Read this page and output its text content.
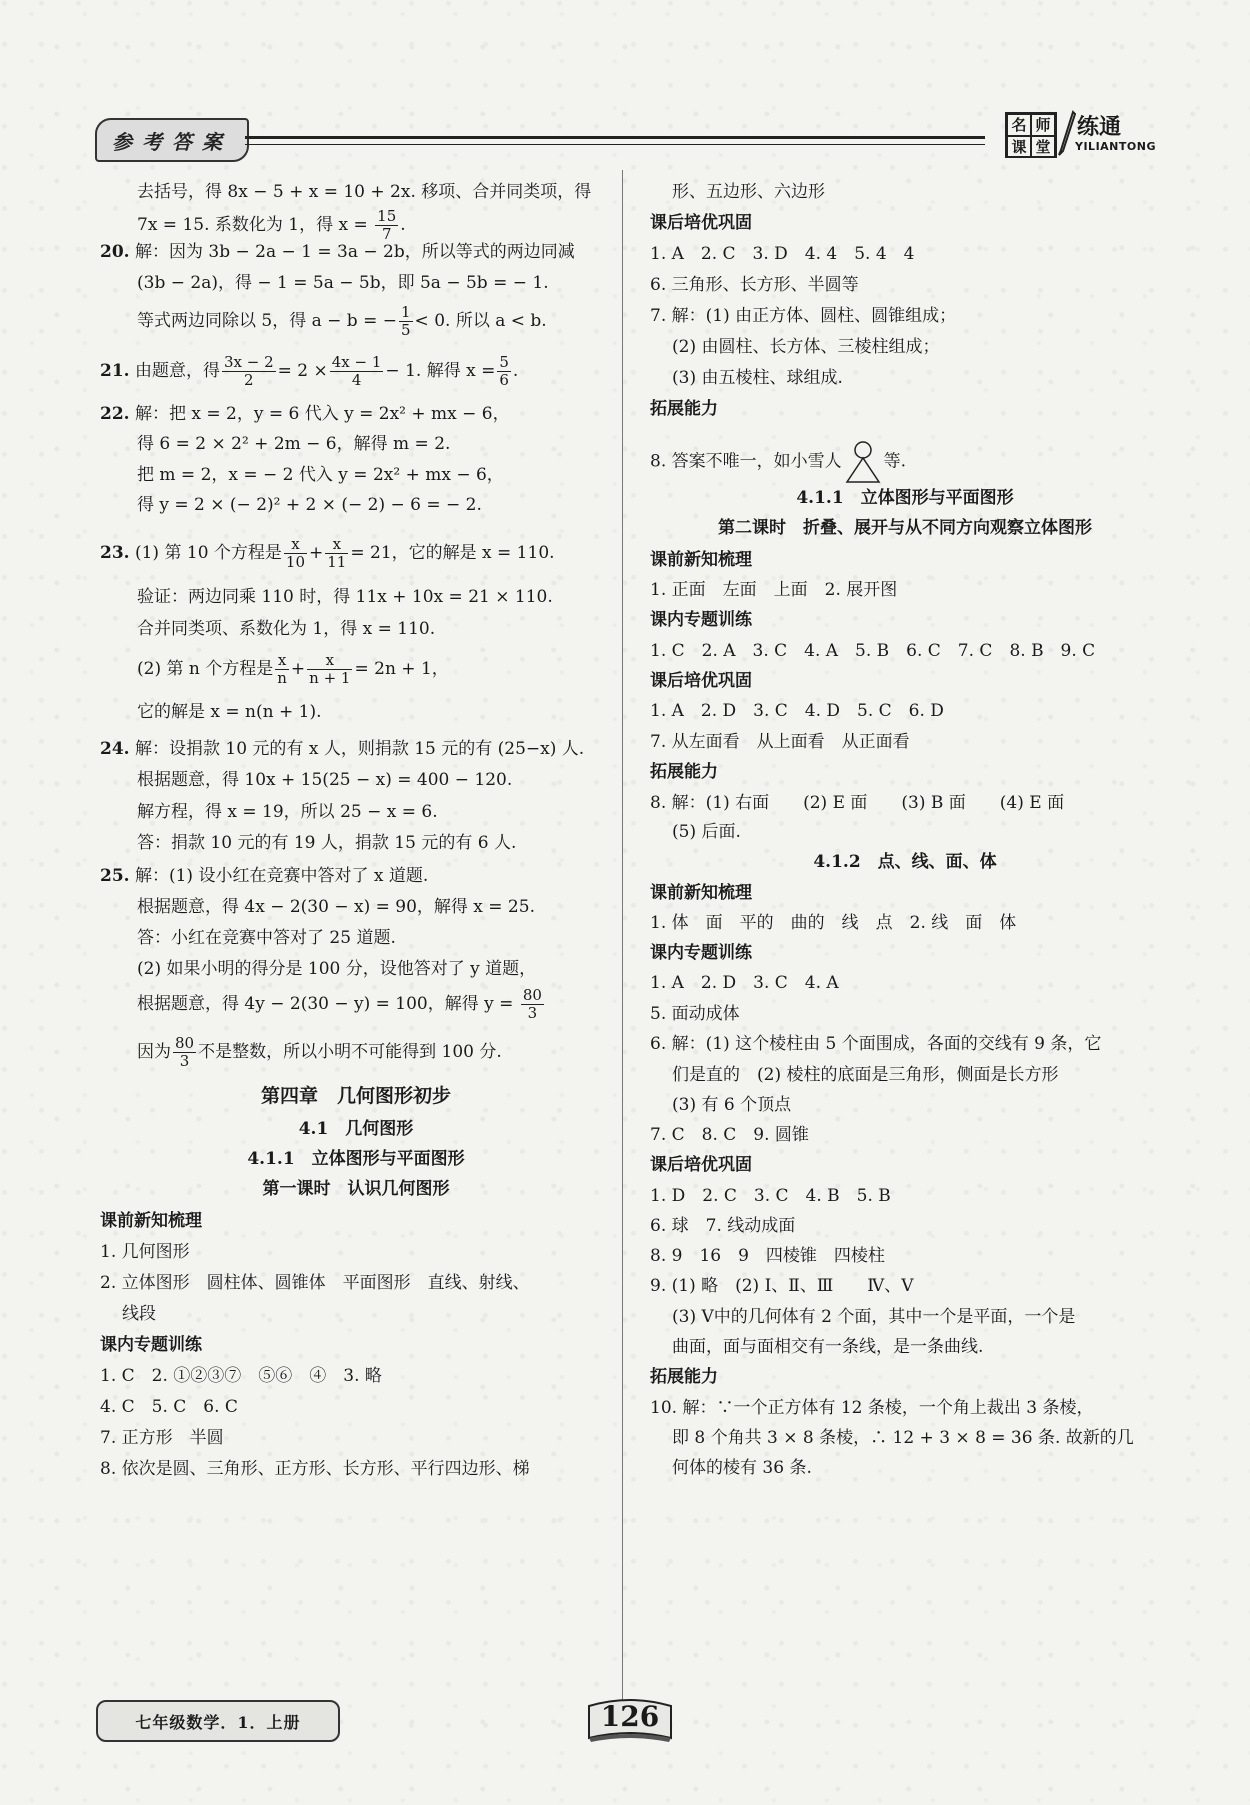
参考答案
名 师
课 堂
练通
YILIANTONG
去括号，得 8x − 5 + x = 10 + 2x. 移项、合并同类项，得
7x = 15. 系数化为 1，得 $x = \frac{15}{7}$ .
20. 解：因为 3b − 2a − 1 = 3a − 2b，所以等式的两边同减
(3b − 2a)，得 − 1 = 5a − 5b，即 5a − 5b = − 1.
等式两边同除以 5，得 a − b = − $\frac{1}{5} < 0$. 所以 a < b.
21. 由题意，得 $\frac{3x - 2}{2} = 2 \times \frac{4x - 1}{4} - 1$. 解得 $x = \frac{5}{6}$ .
22. 解：把 x = 2，y = 6 代入 y = 2x² + mx − 6，
得 6 = 2 × 2² + 2m − 6，解得 m = 2.
把 m = 2，x = − 2 代入 y = 2x² + mx − 6，
得 y = 2 × (− 2)² + 2 × (− 2) − 6 = − 2.
23. (1) 第 10 个方程是 $\frac{x}{10} + \frac{x}{11} = 21$，它的解是 x = 110.
验证：两边同乘 110 时，得 11x + 10x = 21 × 110.
合并同类项、系数化为 1，得 x = 110.
(2) 第 n 个方程是 $\frac{x}{n} + \frac{x}{n + 1} = 2n + 1$，
它的解是 x = n(n + 1).
24. 解：设捐款 10 元的有 x 人，则捐款 15 元的有 (25−x) 人.
根据题意，得 10x + 15(25 − x) = 400 − 120.
解方程，得 x = 19，所以 25 − x = 6.
答：捐款 10 元的有 19 人，捐款 15 元的有 6 人.
25. 解：(1) 设小红在竞赛中答对了 x 道题.
根据题意，得 4x − 2(30 − x) = 90，解得 x = 25.
答：小红在竞赛中答对了 25 道题.
(2) 如果小明的得分是 100 分，设他答对了 y 道题，
根据题意，得 4y − 2(30 − y) = 100，解得 $y = \frac{80}{3}$
因为 $\frac{80}{3}$ 不是整数，所以小明不可能得到 100 分.
第四章　几何图形初步
4.1　几何图形
4.1.1　立体图形与平面图形
第一课时　认识几何图形
课前新知梳理
1. 几何图形
2. 立体图形　圆柱体、圆锥体　平面图形　直线、射线、
线段
课内专题训练
1. C　2. ①②③⑦　⑤⑥　④　3. 略
4. C　5. C　6. C
7. 正方形　半圆
8. 依次是圆、三角形、正方形、长方形、平行四边形、梯
形、五边形、六边形
课后培优巩固
1. A　2. C　3. D　4. 4　5. 4　4
6. 三角形、长方形、半圆等
7. 解：(1) 由正方体、圆柱、圆锥组成；
(2) 由圆柱、长方体、三棱柱组成；
(3) 由五棱柱、球组成.
拓展能力
8. 答案不唯一，如小雪人 等.
4.1.1　立体图形与平面图形
第二课时　折叠、展开与从不同方向观察立体图形
课前新知梳理
1. 正面　左面　上面　2. 展开图
课内专题训练
1. C　2. A　3. C　4. A　5. B　6. C　7. C　8. B　9. C
课后培优巩固
1. A　2. D　3. C　4. D　5. C　6. D
7. 从左面看　从上面看　从正面看
拓展能力
8. 解：(1) 右面　　(2) E 面　　(3) B 面　　(4) E 面
(5) 后面.
4.1.2　点、线、面、体
课前新知梳理
1. 体　面　平的　曲的　线　点　2. 线　面　体
课内专题训练
1. A　2. D　3. C　4. A
5. 面动成体
6. 解：(1) 这个棱柱由 5 个面围成，各面的交线有 9 条，它
们是直的　(2) 棱柱的底面是三角形，侧面是长方形
(3) 有 6 个顶点
7. C　8. C　9. 圆锥
课后培优巩固
1. D　2. C　3. C　4. B　5. B
6. 球　7. 线动成面
8. 9　16　9　四棱锥　四棱柱
9. (1) 略　(2) Ⅰ、Ⅱ、Ⅲ　　Ⅳ、Ⅴ
(3) Ⅴ中的几何体有 2 个面，其中一个是平面，一个是
曲面，面与面相交有一条线，是一条曲线.
拓展能力
10. 解：∵一个正方体有 12 条棱，一个角上裁出 3 条棱，
即 8 个角共 3 × 8 条棱，∴ 12 + 3 × 8 = 36 条. 故新的几
何体的棱有 36 条.
七年级数学．1．上册	126
